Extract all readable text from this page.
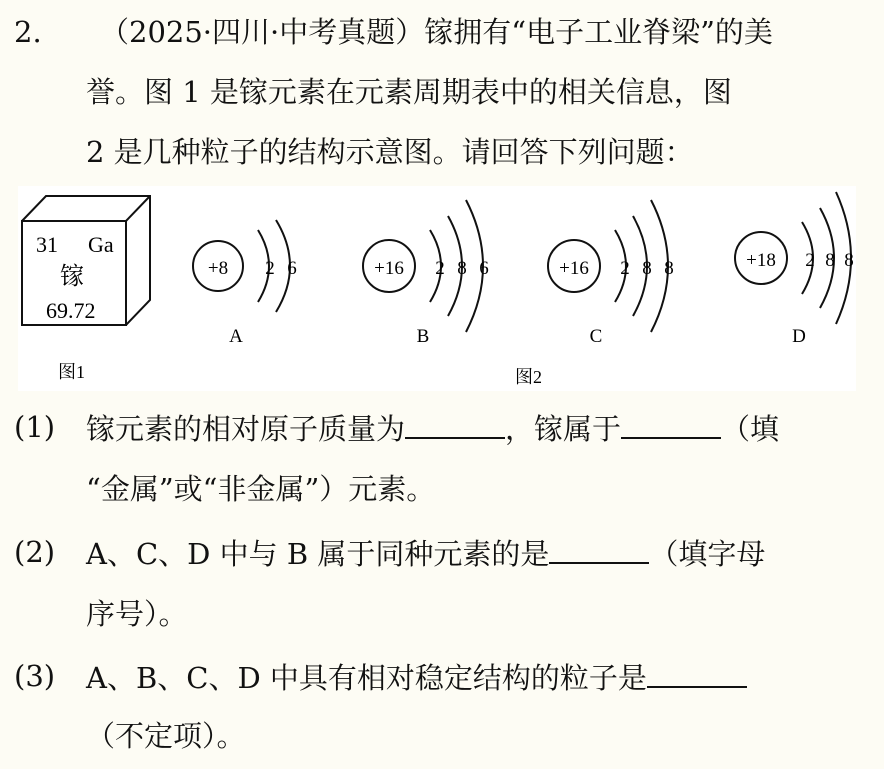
2. （2025·四川·中考真题）镓拥有“电子工业脊梁”的美
誉。图 1 是镓元素在元素周期表中的相关信息，图
2 是几种粒子的结构示意图。请回答下列问题：
31 Ga
镓
69.72
图1
+8 2 6
A
+16 2 8 6
B
+16 2 8 8
C
+18 2 8 8
D
图2
(1) 镓元素的相对原子质量为	，镓属于	（填
“金属”或“非金属”）元素。
(2) A、C、D 中与 B 属于同种元素的是	（填字母
序号）。
(3) A、B、C、D 中具有相对稳定结构的粒子是
（不定项）。
